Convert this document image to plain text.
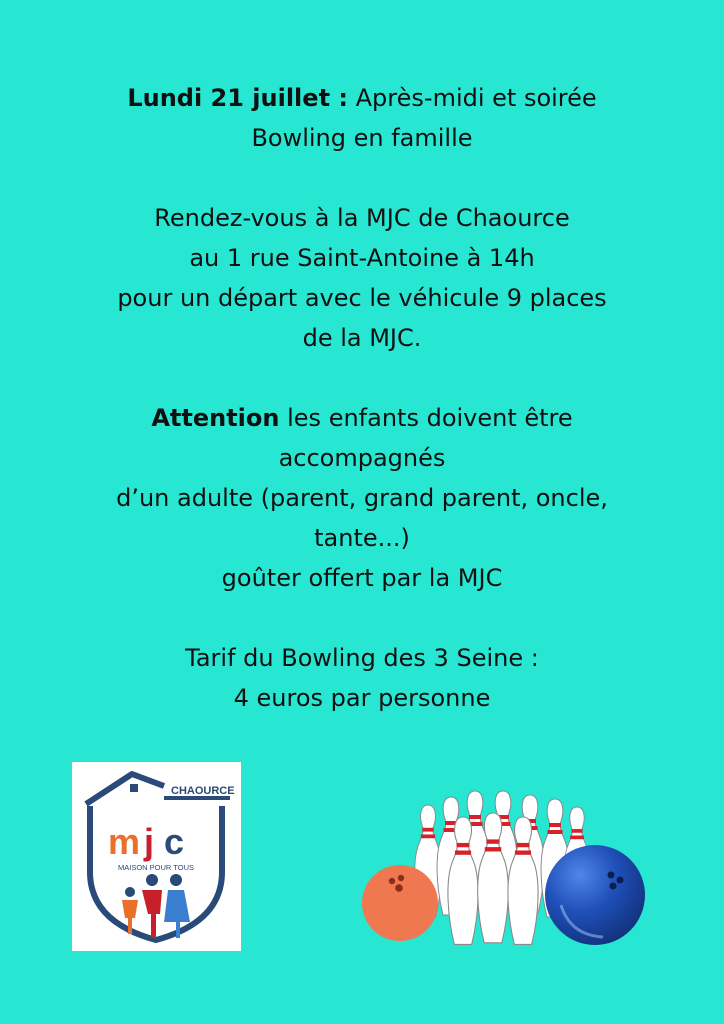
Lundi 21 juillet : Après-midi et soirée
Bowling en famille
Rendez-vous à la MJC de Chaource
au 1 rue Saint-Antoine à 14h
pour un départ avec le véhicule 9 places
de la MJC.
Attention les enfants doivent être
accompagnés
d’un adulte (parent, grand parent, oncle,
tante...)
goûter offert par la MJC
Tarif du Bowling des 3 Seine :
4 euros par personne
CHAOURCE
m j c
MAISON POUR TOUS
